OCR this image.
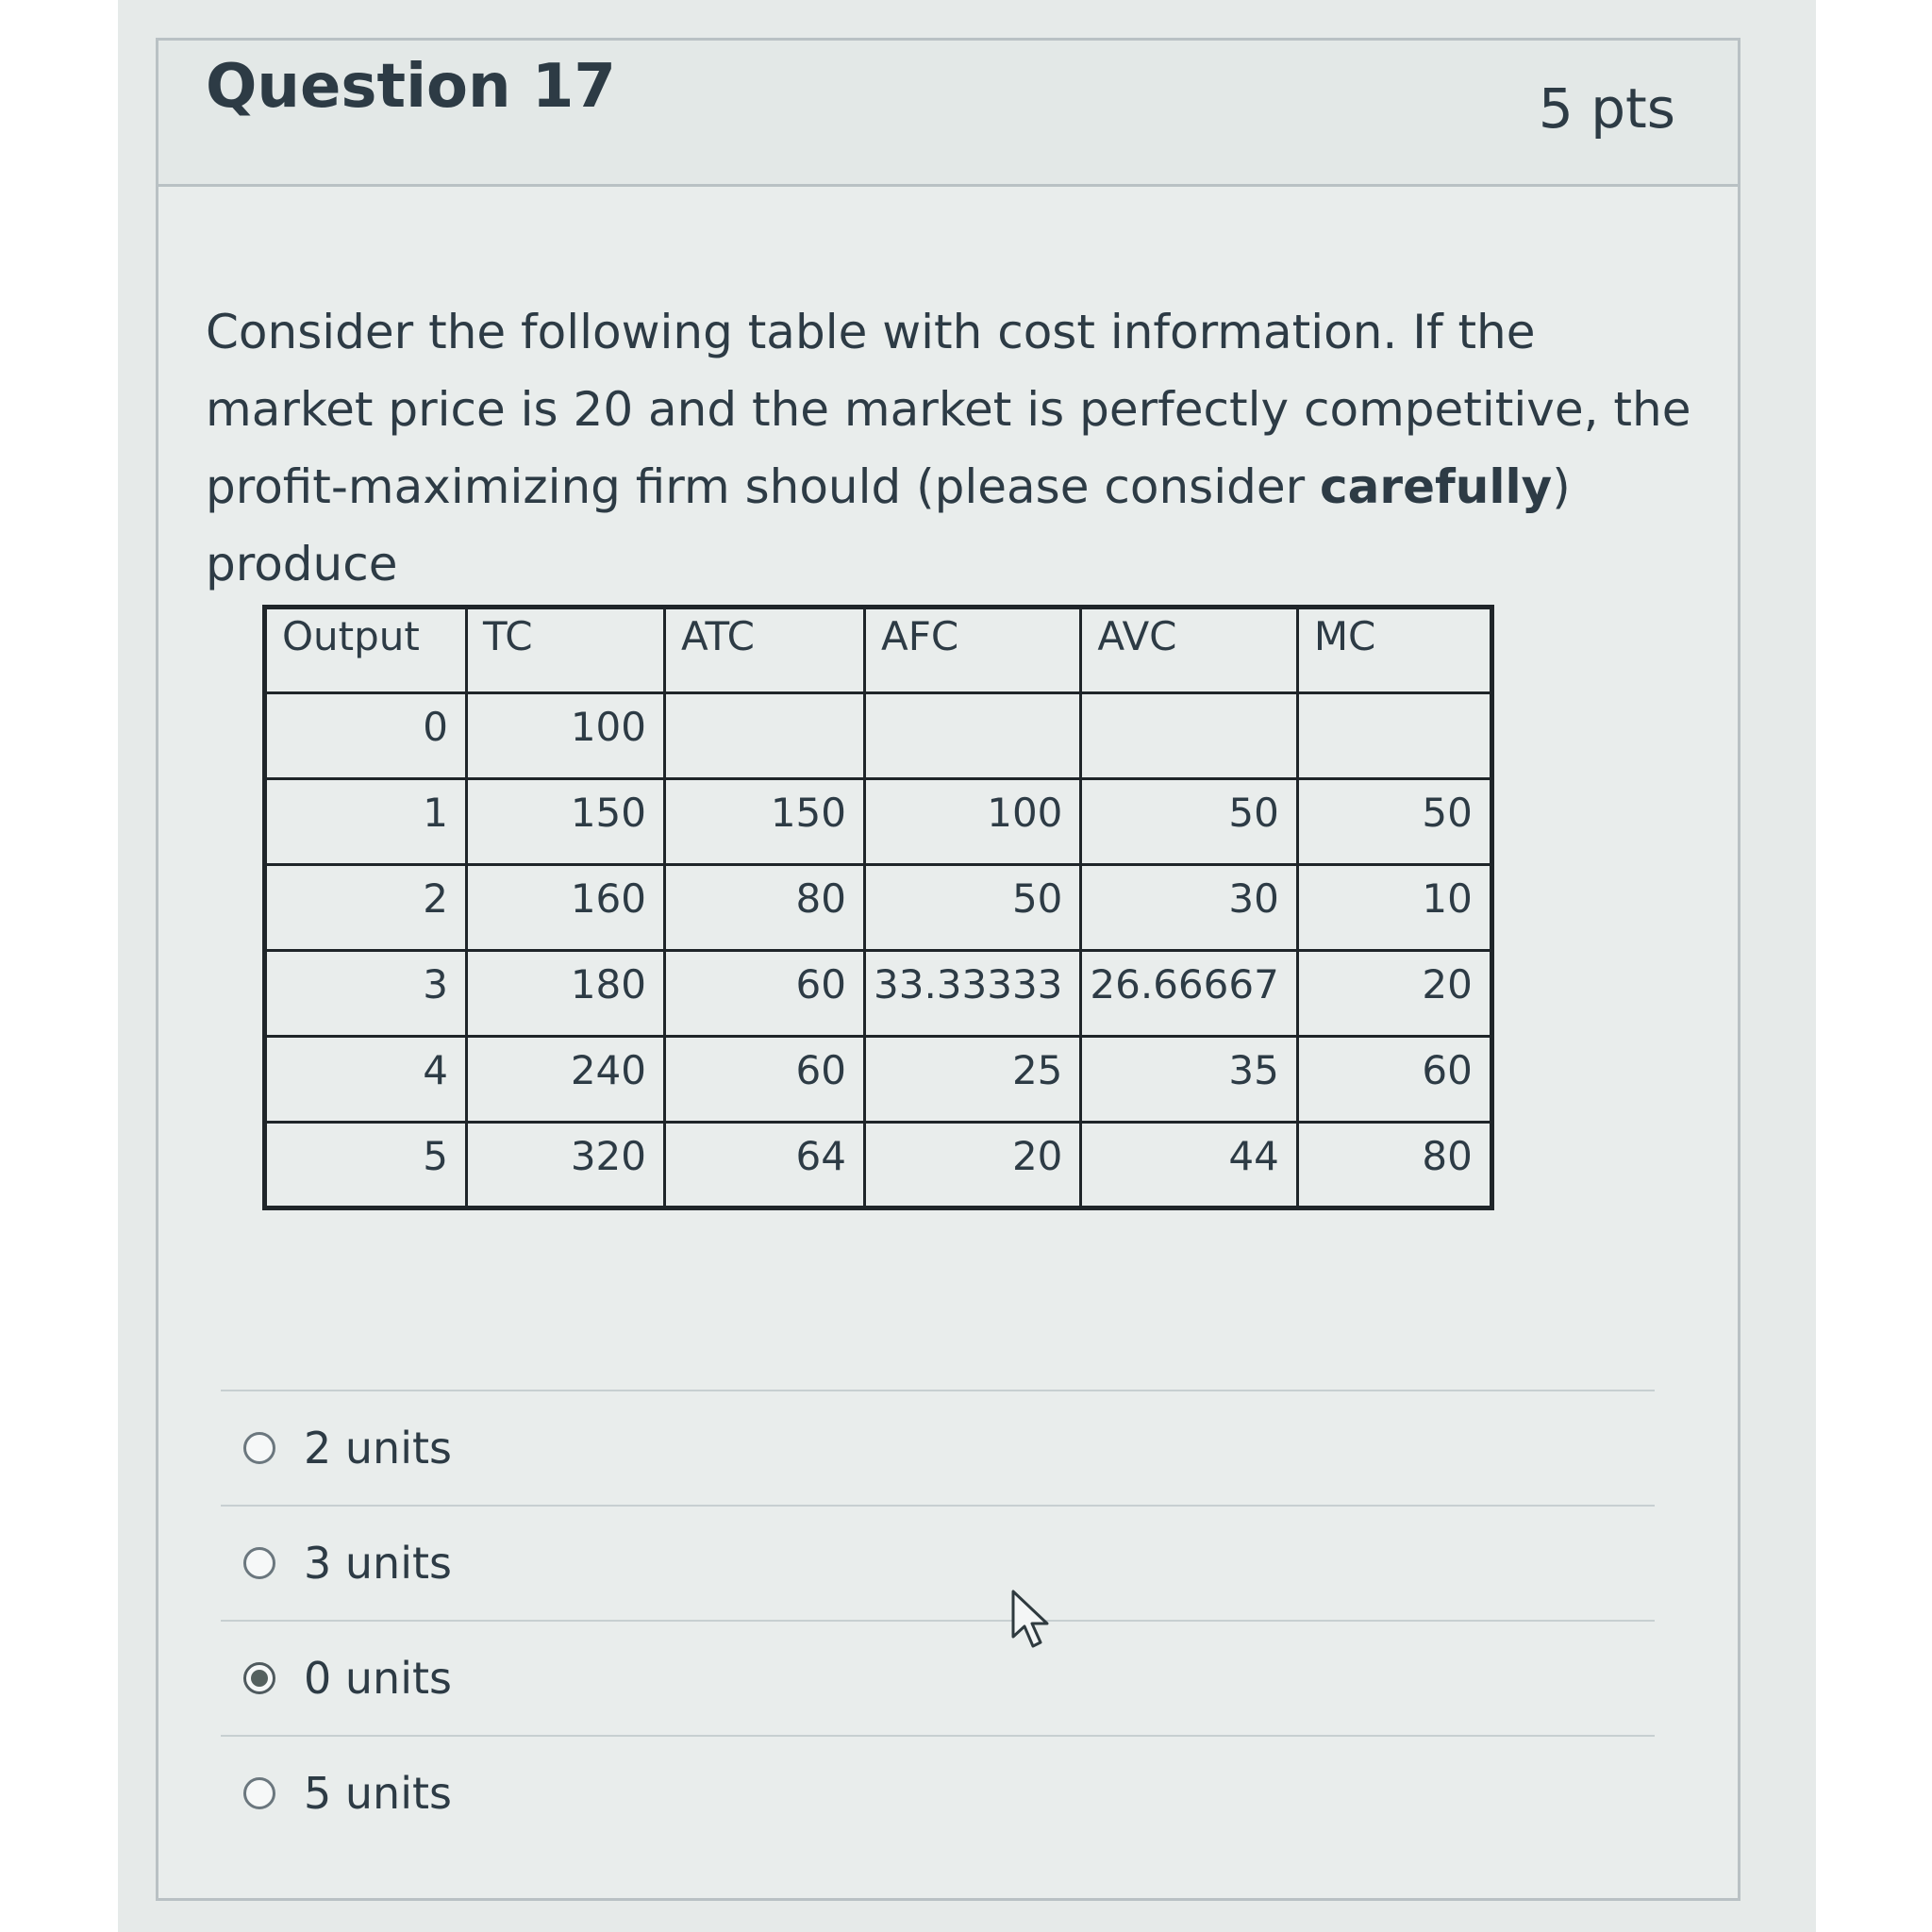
Question 17	5 pts

Consider the following table with cost information. If the market price is 20 and the market is perfectly competitive, the profit-maximizing firm should (please consider carefully) produce

Output	TC	ATC	AFC	AVC	MC
0	100				
1	150	150	100	50	50
2	160	80	50	30	10
3	180	60	33.33333	26.66667	20
4	240	60	25	35	60
5	320	64	20	44	80
2 units
3 units
0 units
5 units
